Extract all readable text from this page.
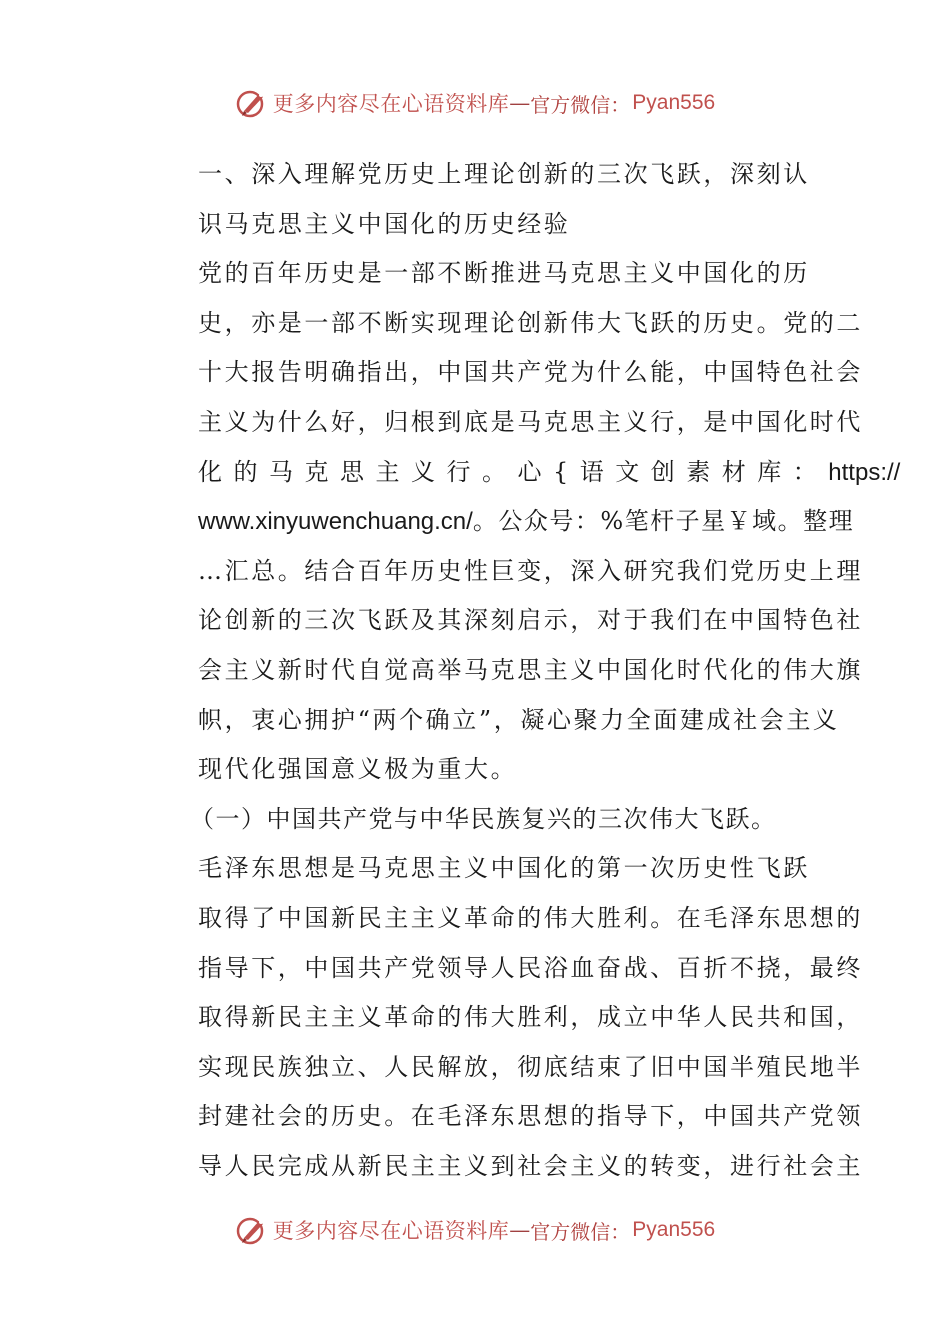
更多内容尽在心语资料库 — 官方微信： Pyan556

一、深入理解党历史上理论创新的三次飞跃，深刻认
识马克思主义中国化的历史经验

党的百年历史是一部不断推进马克思主义中国化的历
史，亦是一部不断实现理论创新伟大飞跃的历史。党的二
十大报告明确指出，中国共产党为什么能，中国特色社会
主义为什么好，归根到底是马克思主义行，是中国化时代
化的马克思主义行。心{语文创素材库：https://
www.xinyuwenchuang.cn/。公众号：%笔杆子星￥域。整理
…汇总。结合百年历史性巨变，深入研究我们党历史上理
论创新的三次飞跃及其深刻启示，对于我们在中国特色社
会主义新时代自觉高举马克思主义中国化时代化的伟大旗
帜，衷心拥护“两个确立”，凝心聚力全面建成社会主义
现代化强国意义极为重大。

（一）中国共产党与中华民族复兴的三次伟大飞跃。

毛泽东思想是马克思主义中国化的第一次历史性飞跃
取得了中国新民主主义革命的伟大胜利。在毛泽东思想的
指导下，中国共产党领导人民浴血奋战、百折不挠，最终
取得新民主主义革命的伟大胜利，成立中华人民共和国，
实现民族独立、人民解放，彻底结束了旧中国半殖民地半
封建社会的历史。在毛泽东思想的指导下，中国共产党领
导人民完成从新民主主义到社会主义的转变，进行社会主

更多内容尽在心语资料库 — 官方微信： Pyan556
